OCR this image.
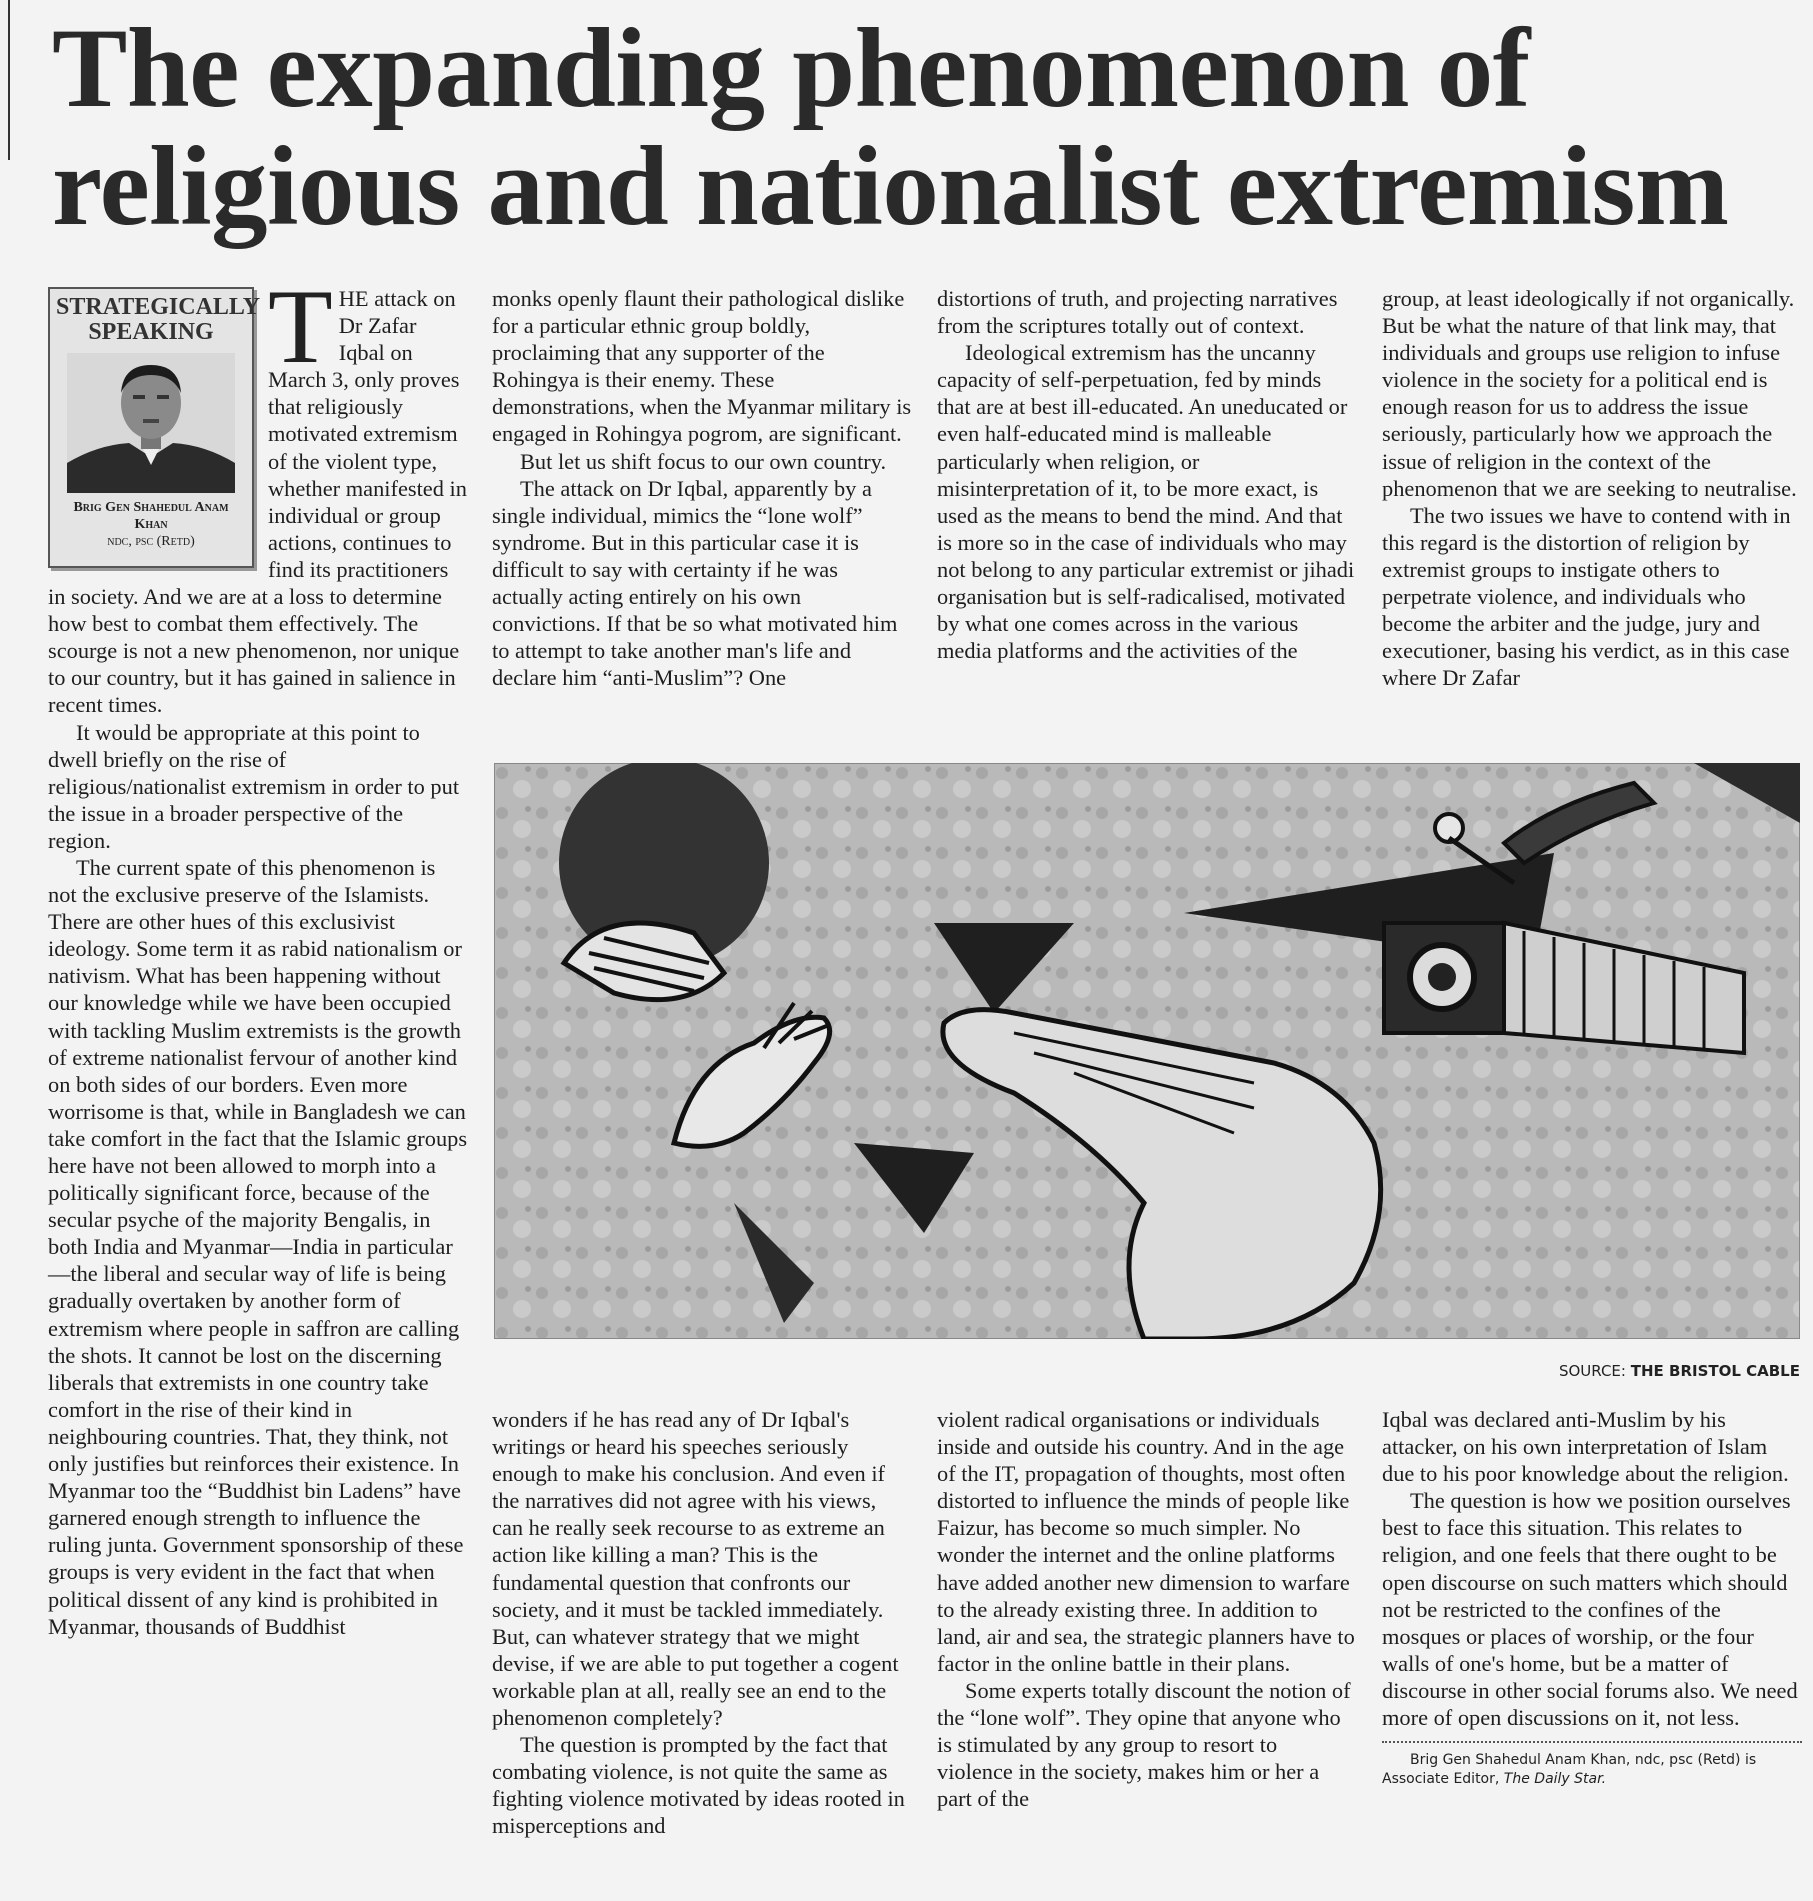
The expanding phenomenon of
religious and nationalist extremism
STRATEGICALLY SPEAKING
Brig Gen Shahedul Anam Khan
ndc, psc (Retd)
T HE attack on Dr Zafar Iqbal on March 3, only proves that religiously motivated extremism of the violent type, whether manifested in individual or group actions, continues to find its practitioners in society. And we are at a loss to determine how best to combat them effectively. The scourge is not a new phenomenon, nor unique to our country, but it has gained in salience in recent times.

It would be appropriate at this point to dwell briefly on the rise of religious/nationalist extremism in order to put the issue in a broader perspective of the region.

The current spate of this phenomenon is not the exclusive preserve of the Islamists. There are other hues of this exclusivist ideology. Some term it as rabid nationalism or nativism. What has been happening without our knowledge while we have been occupied with tackling Muslim extremists is the growth of extreme nationalist fervour of another kind on both sides of our borders. Even more worrisome is that, while in Bangladesh we can take comfort in the fact that the Islamic groups here have not been allowed to morph into a politically significant force, because of the secular psyche of the majority Bengalis, in both India and Myanmar—India in particular—the liberal and secular way of life is being gradually overtaken by another form of extremism where people in saffron are calling the shots. It cannot be lost on the discerning liberals that extremists in one country take comfort in the rise of their kind in neighbouring countries. That, they think, not only justifies but reinforces their existence. In Myanmar too the “Buddhist bin Ladens” have garnered enough strength to influence the ruling junta. Government sponsorship of these groups is very evident in the fact that when political dissent of any kind is prohibited in Myanmar, thousands of Buddhist

monks openly flaunt their pathological dislike for a particular ethnic group boldly, proclaiming that any supporter of the Rohingya is their enemy. These demonstrations, when the Myanmar military is engaged in Rohingya pogrom, are significant.

But let us shift focus to our own country.

The attack on Dr Iqbal, apparently by a single individual, mimics the “lone wolf” syndrome. But in this particular case it is difficult to say with certainty if he was actually acting entirely on his own convictions. If that be so what motivated him to attempt to take another man's life and declare him “anti-Muslim”? One

distortions of truth, and projecting narratives from the scriptures totally out of context.

Ideological extremism has the uncanny capacity of self-perpetuation, fed by minds that are at best ill-educated. An uneducated or even half-educated mind is malleable particularly when religion, or misinterpretation of it, to be more exact, is used as the means to bend the mind. And that is more so in the case of individuals who may not belong to any particular extremist or jihadi organisation but is self-radicalised, motivated by what one comes across in the various media platforms and the activities of the

group, at least ideologically if not organically. But be what the nature of that link may, that individuals and groups use religion to infuse violence in the society for a political end is enough reason for us to address the issue seriously, particularly how we approach the issue of religion in the context of the phenomenon that we are seeking to neutralise.

The two issues we have to contend with in this regard is the distortion of religion by extremist groups to instigate others to perpetrate violence, and individuals who become the arbiter and the judge, jury and executioner, basing his verdict, as in this case where Dr Zafar

SOURCE: THE BRISTOL CABLE

wonders if he has read any of Dr Iqbal's writings or heard his speeches seriously enough to make his conclusion. And even if the narratives did not agree with his views, can he really seek recourse to as extreme an action like killing a man? This is the fundamental question that confronts our society, and it must be tackled immediately. But, can whatever strategy that we might devise, if we are able to put together a cogent workable plan at all, really see an end to the phenomenon completely?

The question is prompted by the fact that combating violence, is not quite the same as fighting violence motivated by ideas rooted in misperceptions and

violent radical organisations or individuals inside and outside his country. And in the age of the IT, propagation of thoughts, most often distorted to influence the minds of people like Faizur, has become so much simpler. No wonder the internet and the online platforms have added another new dimension to warfare to the already existing three. In addition to land, air and sea, the strategic planners have to factor in the online battle in their plans.

Some experts totally discount the notion of the “lone wolf”. They opine that anyone who is stimulated by any group to resort to violence in the society, makes him or her a part of the

Iqbal was declared anti-Muslim by his attacker, on his own interpretation of Islam due to his poor knowledge about the religion.

The question is how we position ourselves best to face this situation. This relates to religion, and one feels that there ought to be open discourse on such matters which should not be restricted to the confines of the mosques or places of worship, or the four walls of one's home, but be a matter of discourse in other social forums also. We need more of open discussions on it, not less.

Brig Gen Shahedul Anam Khan, ndc, psc (Retd) is Associate Editor, The Daily Star.
